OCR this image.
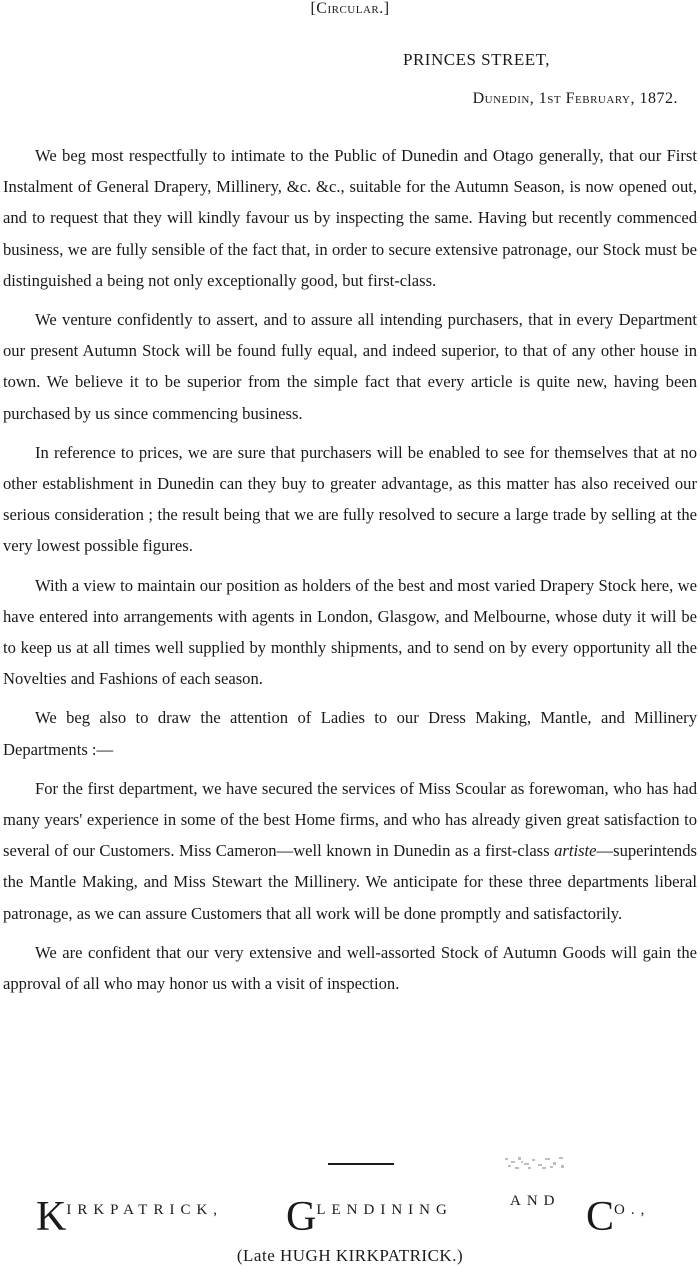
[Circular.]
PRINCES STREET,
Dunedin, 1st February, 1872.

We beg most respectfully to intimate to the Public of Dunedin and Otago generally, that our First Instalment of General Drapery, Millinery, &c. &c., suitable for the Autumn Season, is now opened out, and to request that they will kindly favour us by inspecting the same. Having but recently commenced business, we are fully sensible of the fact that, in order to secure extensive patronage, our Stock must be distinguished a being not only exceptionally good, but first-class.

We venture confidently to assert, and to assure all intending purchasers, that in every Department our present Autumn Stock will be found fully equal, and indeed superior, to that of any other house in town. We believe it to be superior from the simple fact that every article is quite new, having been purchased by us since commencing business.

In reference to prices, we are sure that purchasers will be enabled to see for themselves that at no other establishment in Dunedin can they buy to greater advantage, as this matter has also received our serious consideration ; the result being that we are fully resolved to secure a large trade by selling at the very lowest possible figures.

With a view to maintain our position as holders of the best and most varied Drapery Stock here, we have entered into arrangements with agents in London, Glasgow, and Melbourne, whose duty it will be to keep us at all times well supplied by monthly shipments, and to send on by every opportunity all the Novelties and Fashions of each season.

We beg also to draw the attention of Ladies to our Dress Making, Mantle, and Millinery Departments :—

For the first department, we have secured the services of Miss Scoular as forewoman, who has had many years' experience in some of the best Home firms, and who has already given great satisfaction to several of our Customers. Miss Cameron—well known in Dunedin as a first-class artiste—superintends the Mantle Making, and Miss Stewart the Millinery. We anticipate for these three departments liberal patronage, as we can assure Customers that all work will be done promptly and satisfactorily.

We are confident that our very extensive and well-assorted Stock of Autumn Goods will gain the approval of all who may honor us with a visit of inspection.

KIRKPATRICK, GLENDINING
AND CO.,
(Late HUGH KIRKPATRICK.)
